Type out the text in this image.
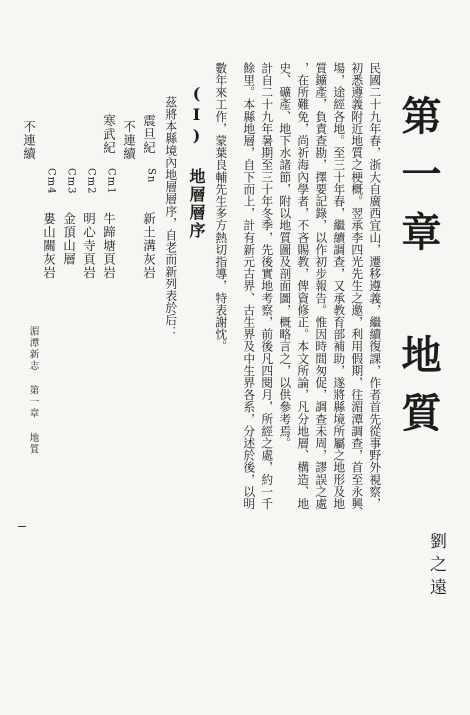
第一章 地質
劉之遠
民國二十九年春，浙大自廣西宜山，遷移遵義，繼續復課，作者首先從事野外視察，
初悉遵義附近地質之梗概。翌承李四光先生之邀，利用假期，往湄潭調查，首至永興
場，途經各地。至三十年春，繼續調查，又承教育部補助，遂將縣境所屬之地形及地
質鑛產，負責查勘，擇要記錄，以作初步報告。惟因時間匆促，調查未周，謬誤之處
，在所難免，尚祈海內學者，不吝賜教，俾資修正。本文所論，凡分地層、構造、地
史、礦產、地下水諸節，附以地質圖及剖面圖，概略言之，以供參考焉。
計自二十九年暑期至三十年冬季，先後實地考察，前後凡四閱月，所經之處，約一千
餘里。本縣地層，自下而上，計有新元古界、古生界及中生界各系，分述於後，以明
數年來工作，蒙葉良輔先生多方熱切指導，特表謝忱。
(I) 地層層序
茲將本縣境內地層層序，自老而新列表於后：
震旦紀
Sn
新土溝灰岩
不連續
寒武紀
Cm1
牛蹄塘頁岩
Cm2
明心寺頁岩
Cm3
金頂山層
Cm4
婁山關灰岩
不連續
湄潭新志 第一章 地質
